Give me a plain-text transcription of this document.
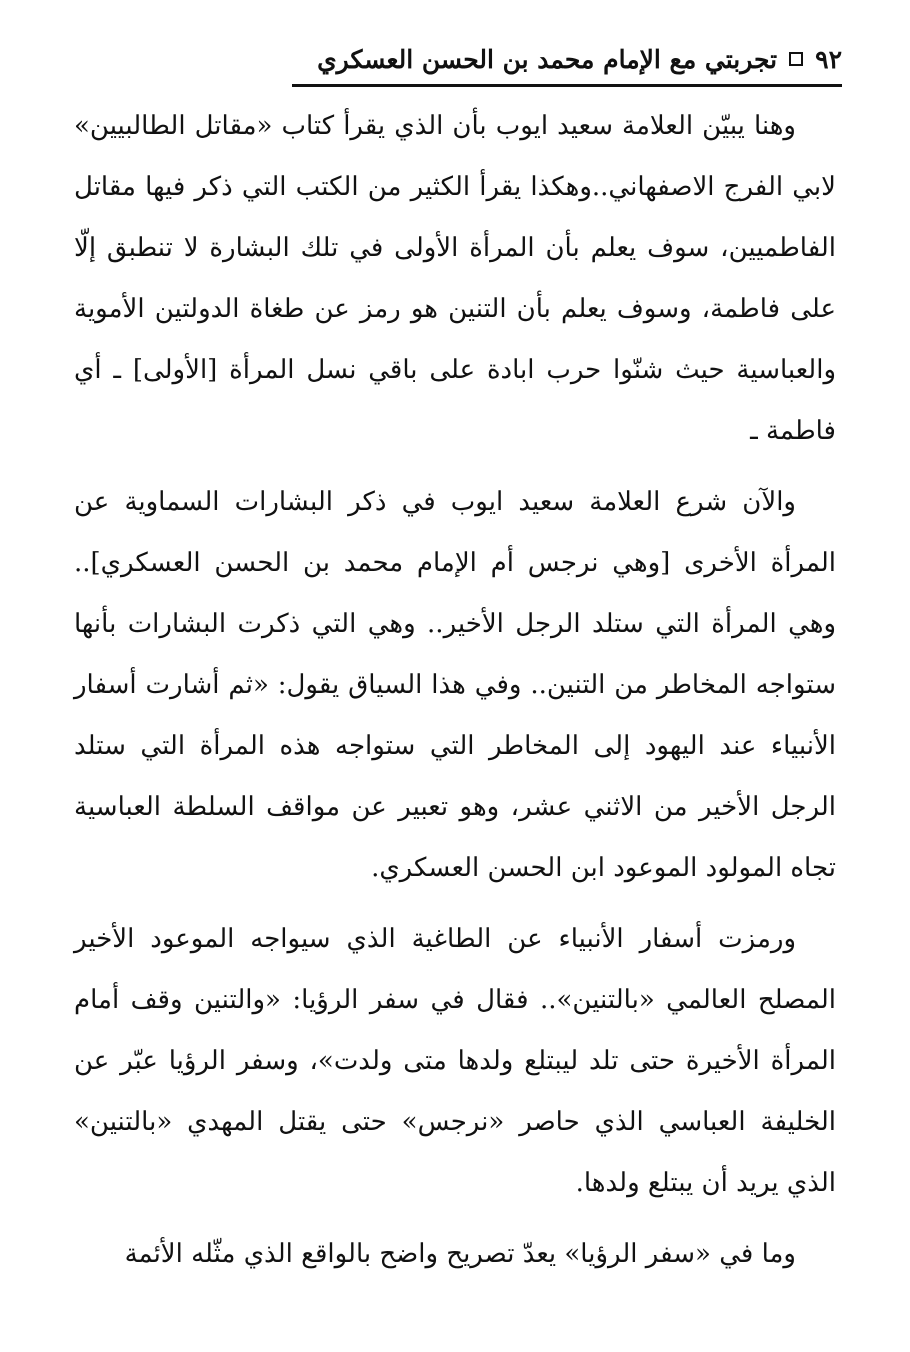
٩٢
تجربتي مع الإمام محمد بن الحسن العسكري

وهنا يبيّن العلامة سعيد ايوب بأن الذي يقرأ كتاب «مقاتل الطالبيين» لابي الفرج الاصفهاني..وهكذا يقرأ الكثير من الكتب التي ذكر فيها مقاتل الفاطميين، سوف يعلم بأن المرأة الأولى في تلك البشارة لا تنطبق إلّا على فاطمة، وسوف يعلم بأن التنين هو رمز عن طغاة الدولتين الأموية والعباسية حيث شنّوا حرب ابادة على باقي نسل المرأة [الأولى] ـ أي فاطمة ـ

والآن شرع العلامة سعيد ايوب في ذكر البشارات السماوية عن المرأة الأخرى [وهي نرجس أم الإمام محمد بن الحسن العسكري].. وهي المرأة التي ستلد الرجل الأخير.. وهي التي ذكرت البشارات بأنها ستواجه المخاطر من التنين.. وفي هذا السياق يقول: «ثم أشارت أسفار الأنبياء عند اليهود إلى المخاطر التي ستواجه هذه المرأة التي ستلد الرجل الأخير من الاثني عشر، وهو تعبير عن مواقف السلطة العباسية تجاه المولود الموعود ابن الحسن العسكري.

ورمزت أسفار الأنبياء عن الطاغية الذي سيواجه الموعود الأخير المصلح العالمي «بالتنين».. فقال في سفر الرؤيا: «والتنين وقف أمام المرأة الأخيرة حتى تلد ليبتلع ولدها متى ولدت»، وسفر الرؤيا عبّر عن الخليفة العباسي الذي حاصر «نرجس» حتى يقتل المهدي «بالتنين» الذي يريد أن يبتلع ولدها.

وما في «سفر الرؤيا» يعدّ تصريح واضح بالواقع الذي مثّله الأئمة
